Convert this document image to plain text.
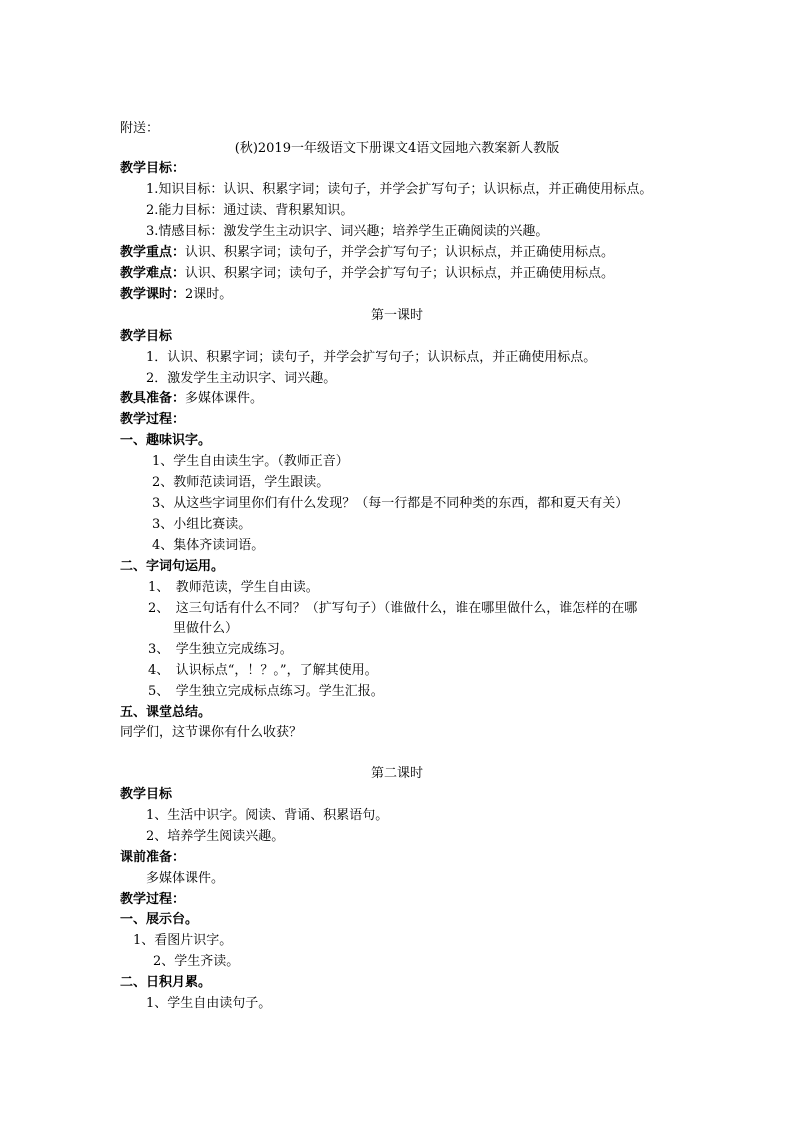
附送：
(秋)2019一年级语文下册课文4语文园地六教案新人教版
教学目标：
1.知识目标：认识、积累字词；读句子，并学会扩写句子；认识标点，并正确使用标点。
2.能力目标：通过读、背积累知识。
3.情感目标：激发学生主动识字、词兴趣；培养学生正确阅读的兴趣。
教学重点：认识、积累字词；读句子，并学会扩写句子；认识标点，并正确使用标点。
教学难点：认识、积累字词；读句子，并学会扩写句子；认识标点，并正确使用标点。
教学课时：2课时。
第一课时
教学目标
1．认识、积累字词；读句子，并学会扩写句子；认识标点，并正确使用标点。
2．激发学生主动识字、词兴趣。
教具准备：多媒体课件。
教学过程：
一、趣味识字。
1、学生自由读生字。（教师正音）
2、教师范读词语，学生跟读。
3、从这些字词里你们有什么发现？（每一行都是不同种类的东西，都和夏天有关）
3、小组比赛读。
4、集体齐读词语。
二、字词句运用。
1、　教师范读，学生自由读。
2、　这三句话有什么不同？（扩写句子）（谁做什么，谁在哪里做什么，谁怎样的在哪
里做什么）
3、　学生独立完成练习。
4、　认识标点“，！？。”，了解其使用。
5、　学生独立完成标点练习。学生汇报。
五、课堂总结。
同学们，这节课你有什么收获？
第二课时
教学目标
1、生活中识字。阅读、背诵、积累语句。
2、培养学生阅读兴趣。
课前准备：
多媒体课件。
教学过程：
一、展示台。
1、看图片识字。
2、学生齐读。
二、日积月累。
1、学生自由读句子。
